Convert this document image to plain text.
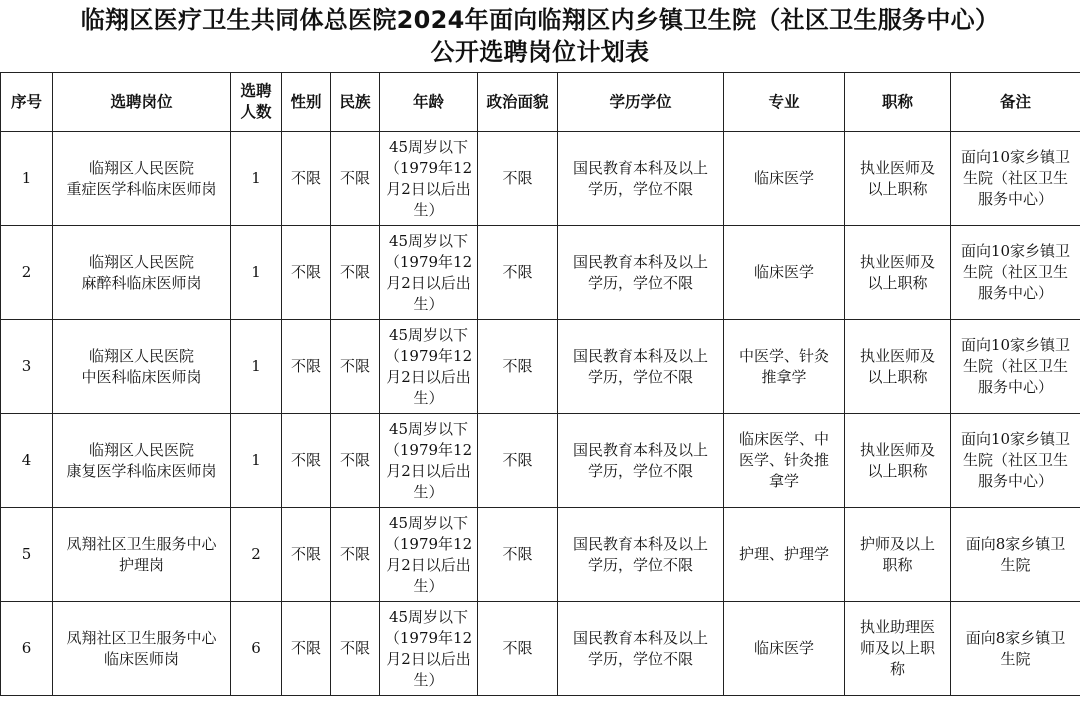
临翔区医疗卫生共同体总医院2024年面向临翔区内乡镇卫生院（社区卫生服务中心）
公开选聘岗位计划表
序号	选聘岗位	选聘
人数	性别	民族	年龄	政治面貌	学历学位	专业	职称	备注

1	临翔区人民医院
重症医学科临床医师岗	1	不限	不限	45周岁以下
（1979年12
月2日以后出
生）	不限	国民教育本科及以上
学历，学位不限	临床医学	执业医师及
以上职称	面向10家乡镇卫
生院（社区卫生
服务中心）

2	临翔区人民医院
麻醉科临床医师岗	1	不限	不限	45周岁以下
（1979年12
月2日以后出
生）	不限	国民教育本科及以上
学历，学位不限	临床医学	执业医师及
以上职称	面向10家乡镇卫
生院（社区卫生
服务中心）

3	临翔区人民医院
中医科临床医师岗	1	不限	不限	45周岁以下
（1979年12
月2日以后出
生）	不限	国民教育本科及以上
学历，学位不限	中医学、针灸
推拿学	执业医师及
以上职称	面向10家乡镇卫
生院（社区卫生
服务中心）

4	临翔区人民医院
康复医学科临床医师岗	1	不限	不限	45周岁以下
（1979年12
月2日以后出
生）	不限	国民教育本科及以上
学历，学位不限	临床医学、中
医学、针灸推
拿学	执业医师及
以上职称	面向10家乡镇卫
生院（社区卫生
服务中心）

5	凤翔社区卫生服务中心
护理岗	2	不限	不限	45周岁以下
（1979年12
月2日以后出
生）	不限	国民教育本科及以上
学历，学位不限	护理、护理学	护师及以上
职称	面向8家乡镇卫
生院

6	凤翔社区卫生服务中心
临床医师岗	6	不限	不限	45周岁以下
（1979年12
月2日以后出
生）	不限	国民教育本科及以上
学历，学位不限	临床医学	执业助理医
师及以上职
称	面向8家乡镇卫
生院
